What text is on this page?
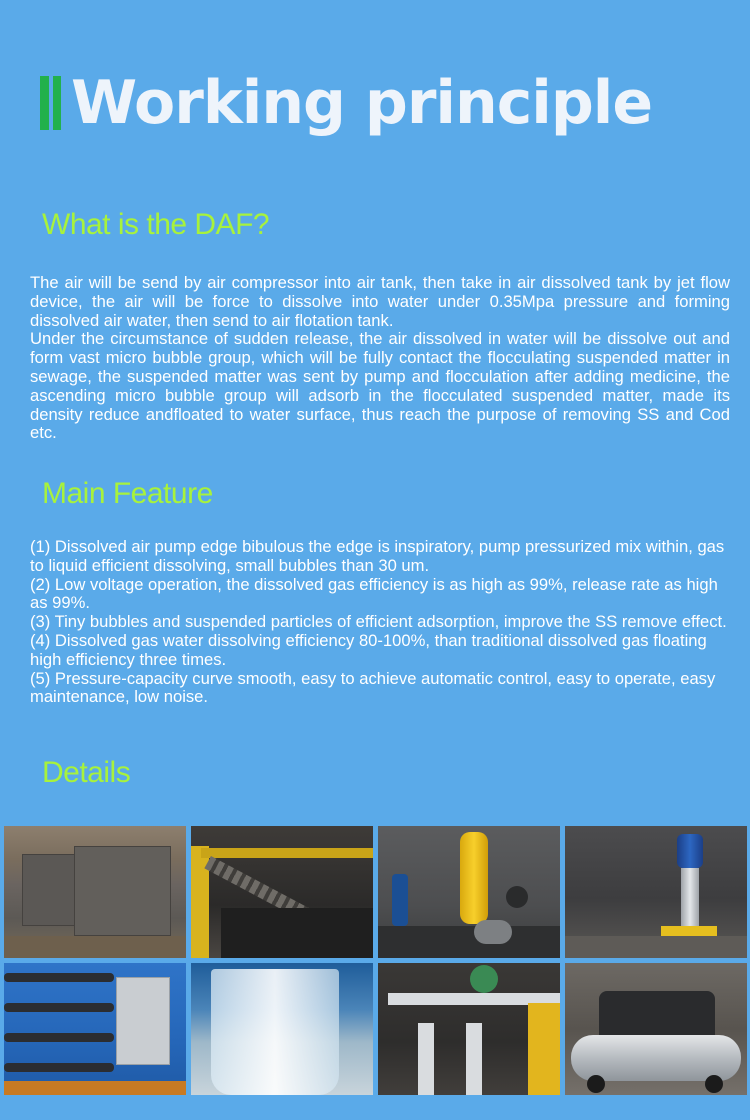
Working principle
What is the DAF?

The air will be send by air compressor into air tank, then take in air dissolved tank by jet flow device, the air will be force to dissolve into water under 0.35Mpa pressure and forming dissolved air water, then send to air flotation tank.

Under the circumstance of sudden release, the air dissolved in water will be dissolve out and form vast micro bubble group, which will be fully contact the flocculating suspended matter in sewage, the suspended matter was sent by pump and flocculation after adding medicine, the ascending micro bubble group will adsorb in the flocculated suspended matter, made its density reduce andfloated to water surface, thus reach the purpose of removing SS and Cod etc.

Main Feature
(1) Dissolved air pump edge bibulous the edge is inspiratory, pump pressurized mix within, gas to liquid efficient dissolving, small bubbles than 30 um.
(2) Low voltage operation, the dissolved gas efficiency is as high as 99%, release rate as high as 99%.
(3) Tiny bubbles and suspended particles of efficient adsorption, improve the SS remove effect.
(4) Dissolved gas water dissolving efficiency 80-100%, than traditional dissolved gas floating high efficiency three times.
(5) Pressure-capacity curve smooth, easy to achieve automatic control, easy to operate, easy maintenance, low noise.
Details
